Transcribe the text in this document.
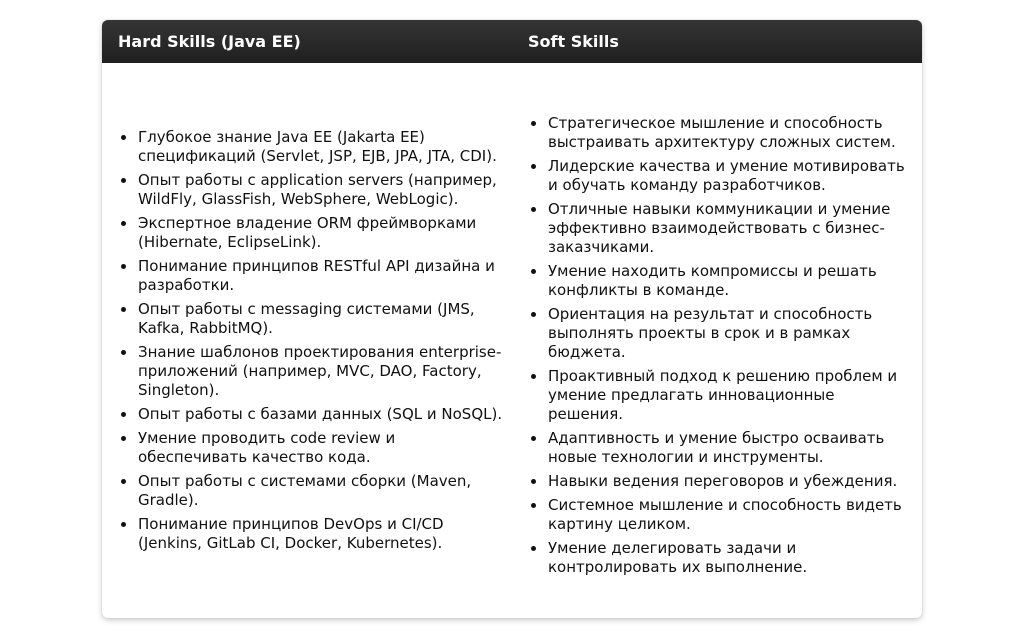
Hard Skills (Java EE)	Soft Skills
• Глубокое знание Java EE (Jakarta EE) спецификаций (Servlet, JSP, EJB, JPA, JTA, CDI).
• Опыт работы с application servers (например, WildFly, GlassFish, WebSphere, WebLogic).
• Экспертное владение ORM фреймворками (Hibernate, EclipseLink).
• Понимание принципов RESTful API дизайна и разработки.
• Опыт работы с messaging системами (JMS, Kafka, RabbitMQ).
• Знание шаблонов проектирования enterprise-приложений (например, MVC, DAO, Factory, Singleton).
• Опыт работы с базами данных (SQL и NoSQL).
• Умение проводить code review и обеспечивать качество кода.
• Опыт работы с системами сборки (Maven, Gradle).
• Понимание принципов DevOps и CI/CD (Jenkins, GitLab CI, Docker, Kubernetes).
• Стратегическое мышление и способность выстраивать архитектуру сложных систем.
• Лидерские качества и умение мотивировать и обучать команду разработчиков.
• Отличные навыки коммуникации и умение эффективно взаимодействовать с бизнес-заказчиками.
• Умение находить компромиссы и решать конфликты в команде.
• Ориентация на результат и способность выполнять проекты в срок и в рамках бюджета.
• Проактивный подход к решению проблем и умение предлагать инновационные решения.
• Адаптивность и умение быстро осваивать новые технологии и инструменты.
• Навыки ведения переговоров и убеждения.
• Системное мышление и способность видеть картину целиком.
• Умение делегировать задачи и контролировать их выполнение.
